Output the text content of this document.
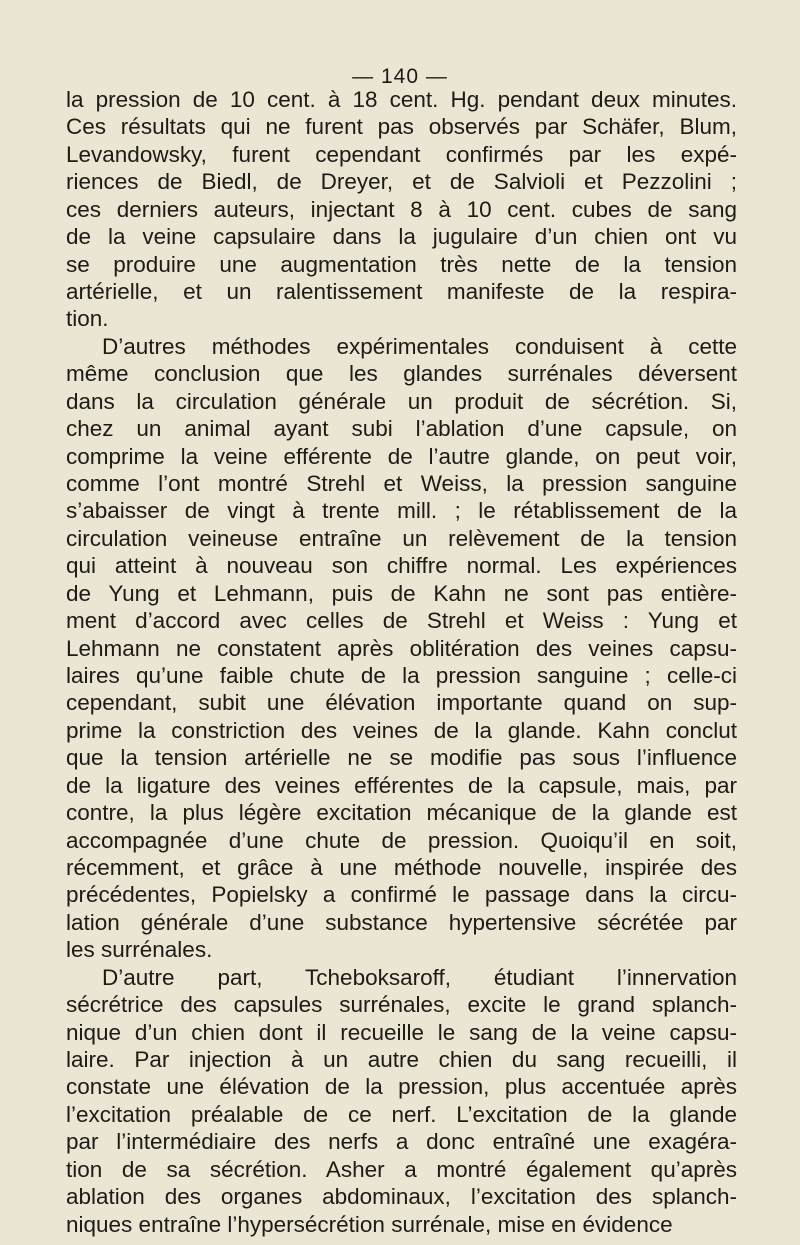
— 140 —
la pression de 10 cent. à 18 cent. Hg. pendant deux minutes.
Ces résultats qui ne furent pas observés par Schäfer, Blum,
Levandowsky, furent cependant confirmés par les expé-
riences de Biedl, de Dreyer, et de Salvioli et Pezzolini ;
ces derniers auteurs, injectant 8 à 10 cent. cubes de sang
de la veine capsulaire dans la jugulaire d’un chien ont vu
se produire une augmentation très nette de la tension
artérielle, et un ralentissement manifeste de la respira-
tion.
D’autres méthodes expérimentales conduisent à cette
même conclusion que les glandes surrénales déversent
dans la circulation générale un produit de sécrétion. Si,
chez un animal ayant subi l’ablation d’une capsule, on
comprime la veine efférente de l’autre glande, on peut voir,
comme l’ont montré Strehl et Weiss, la pression sanguine
s’abaisser de vingt à trente mill. ; le rétablissement de la
circulation veineuse entraîne un relèvement de la tension
qui atteint à nouveau son chiffre normal. Les expériences
de Yung et Lehmann, puis de Kahn ne sont pas entière-
ment d’accord avec celles de Strehl et Weiss : Yung et
Lehmann ne constatent après oblitération des veines capsu-
laires qu’une faible chute de la pression sanguine ; celle-ci
cependant, subit une élévation importante quand on sup-
prime la constriction des veines de la glande. Kahn conclut
que la tension artérielle ne se modifie pas sous l’influence
de la ligature des veines efférentes de la capsule, mais, par
contre, la plus légère excitation mécanique de la glande est
accompagnée d’une chute de pression. Quoiqu’il en soit,
récemment, et grâce à une méthode nouvelle, inspirée des
précédentes, Popielsky a confirmé le passage dans la circu-
lation générale d’une substance hypertensive sécrétée par
les surrénales.
D’autre part, Tcheboksaroff, étudiant l’innervation
sécrétrice des capsules surrénales, excite le grand splanch-
nique d’un chien dont il recueille le sang de la veine capsu-
laire. Par injection à un autre chien du sang recueilli, il
constate une élévation de la pression, plus accentuée après
l’excitation préalable de ce nerf. L’excitation de la glande
par l’intermédiaire des nerfs a donc entraîné une exagéra-
tion de sa sécrétion. Asher a montré également qu’après
ablation des organes abdominaux, l’excitation des splanch-
niques entraîne l’hypersécrétion surrénale, mise en évidence
